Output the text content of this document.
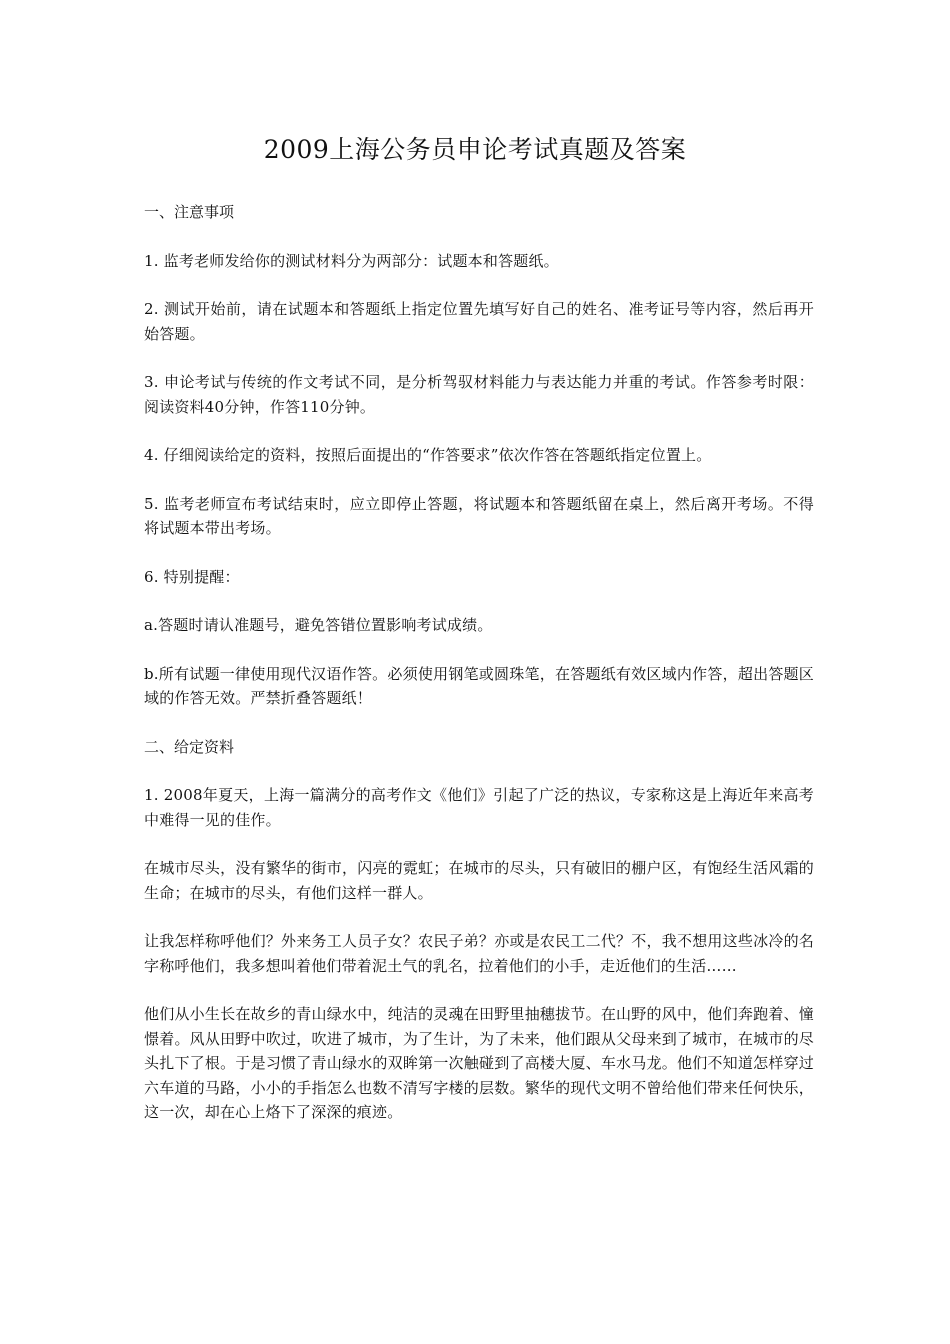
2009上海公务员申论考试真题及答案

一、注意事项

1. 监考老师发给你的测试材料分为两部分：试题本和答题纸。

2. 测试开始前，请在试题本和答题纸上指定位置先填写好自己的姓名、准考证号等内容，然后再开始答题。

3. 申论考试与传统的作文考试不同，是分析驾驭材料能力与表达能力并重的考试。作答参考时限：阅读资料40分钟，作答110分钟。

4. 仔细阅读给定的资料，按照后面提出的“作答要求”依次作答在答题纸指定位置上。

5. 监考老师宣布考试结束时，应立即停止答题，将试题本和答题纸留在桌上，然后离开考场。不得将试题本带出考场。

6. 特别提醒：

a.答题时请认准题号，避免答错位置影响考试成绩。

b.所有试题一律使用现代汉语作答。必须使用钢笔或圆珠笔，在答题纸有效区域内作答，超出答题区域的作答无效。严禁折叠答题纸！

二、给定资料

1. 2008年夏天，上海一篇满分的高考作文《他们》引起了广泛的热议，专家称这是上海近年来高考中难得一见的佳作。

在城市尽头，没有繁华的街市，闪亮的霓虹；在城市的尽头，只有破旧的棚户区，有饱经生活风霜的生命；在城市的尽头，有他们这样一群人。

让我怎样称呼他们？外来务工人员子女？农民子弟？亦或是农民工二代？不，我不想用这些冰冷的名字称呼他们，我多想叫着他们带着泥土气的乳名，拉着他们的小手，走近他们的生活……

他们从小生长在故乡的青山绿水中，纯洁的灵魂在田野里抽穗拔节。在山野的风中，他们奔跑着、憧憬着。风从田野中吹过，吹进了城市，为了生计，为了未来，他们跟从父母来到了城市，在城市的尽头扎下了根。于是习惯了青山绿水的双眸第一次触碰到了高楼大厦、车水马龙。他们不知道怎样穿过六车道的马路，小小的手指怎么也数不清写字楼的层数。繁华的现代文明不曾给他们带来任何快乐，这一次，却在心上烙下了深深的痕迹。
